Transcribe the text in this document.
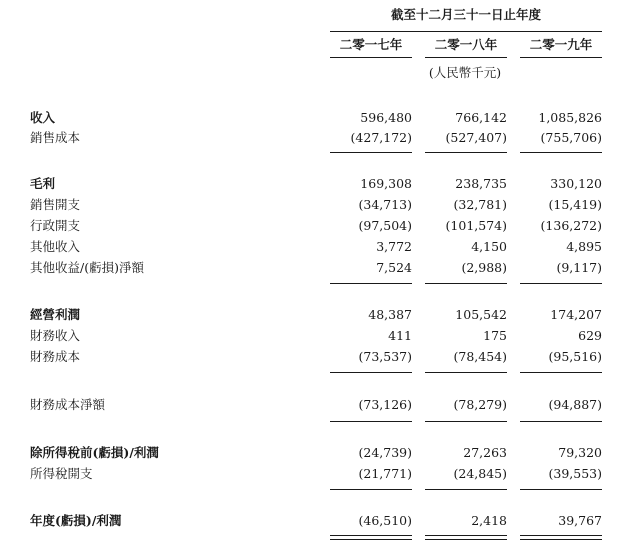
截至十二月三十一日止年度
二零一七年	二零一八年	二零一九年
(人民幣千元)
收入	596,480	766,142	1,085,826
銷售成本	(427,172)	(527,407)	(755,706)
毛利	169,308	238,735	330,120
銷售開支	(34,713)	(32,781)	(15,419)
行政開支	(97,504)	(101,574)	(136,272)
其他收入	3,772	4,150	4,895
其他收益/(虧損)淨額	7,524	(2,988)	(9,117)
經營利潤	48,387	105,542	174,207
財務收入	411	175	629
財務成本	(73,537)	(78,454)	(95,516)
財務成本淨額	(73,126)	(78,279)	(94,887)
除所得稅前(虧損)/利潤	(24,739)	27,263	79,320
所得稅開支	(21,771)	(24,845)	(39,553)
年度(虧損)/利潤	(46,510)	2,418	39,767
